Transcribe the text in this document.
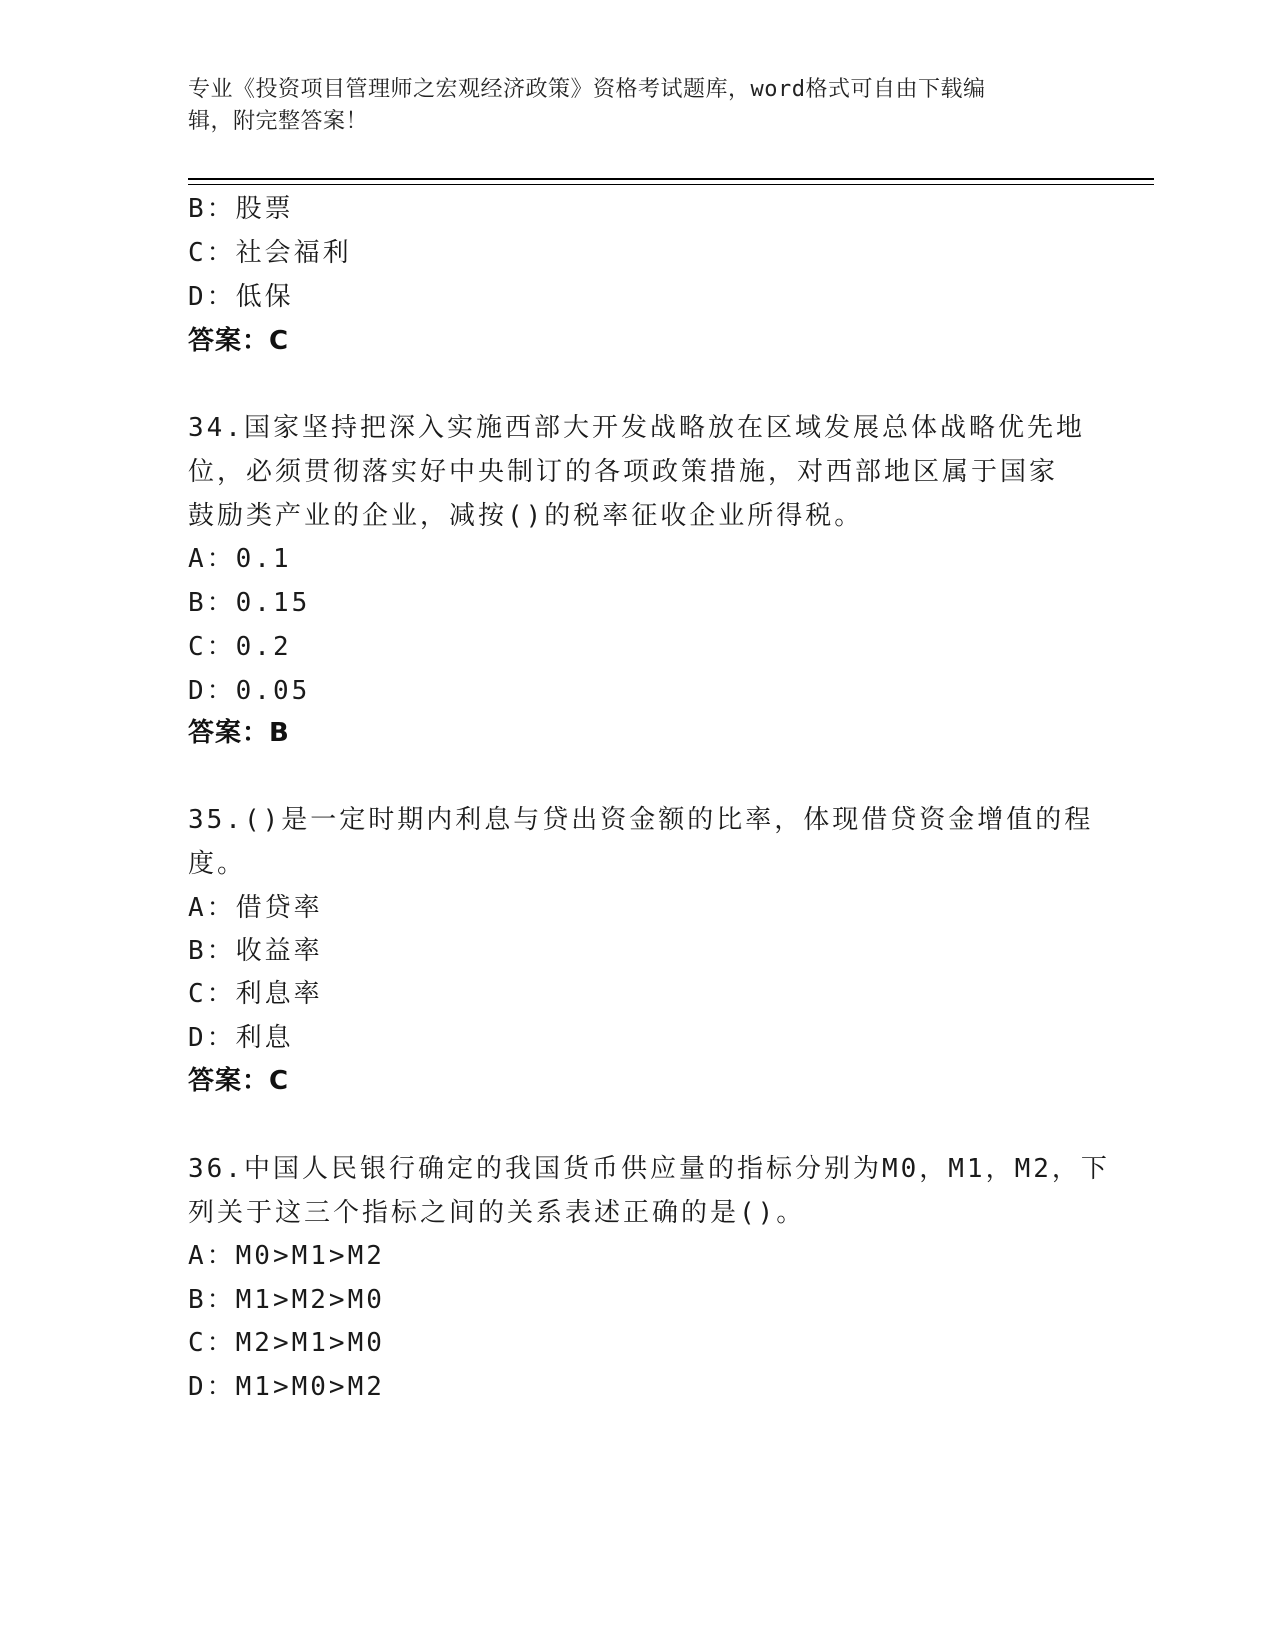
专业《投资项目管理师之宏观经济政策》资格考试题库，word格式可自由下载编
辑，附完整答案！
B：股票
C：社会福利
D：低保
答案：C
34.国家坚持把深入实施西部大开发战略放在区域发展总体战略优先地
位，必须贯彻落实好中央制订的各项政策措施，对西部地区属于国家
鼓励类产业的企业，减按()的税率征收企业所得税。
A：0.1
B：0.15
C：0.2
D：0.05
答案：B
35.()是一定时期内利息与贷出资金额的比率，体现借贷资金增值的程
度。
A：借贷率
B：收益率
C：利息率
D：利息
答案：C
36.中国人民银行确定的我国货币供应量的指标分别为M0，M1，M2，下
列关于这三个指标之间的关系表述正确的是()。
A：M0>M1>M2
B：M1>M2>M0
C：M2>M1>M0
D：M1>M0>M2
